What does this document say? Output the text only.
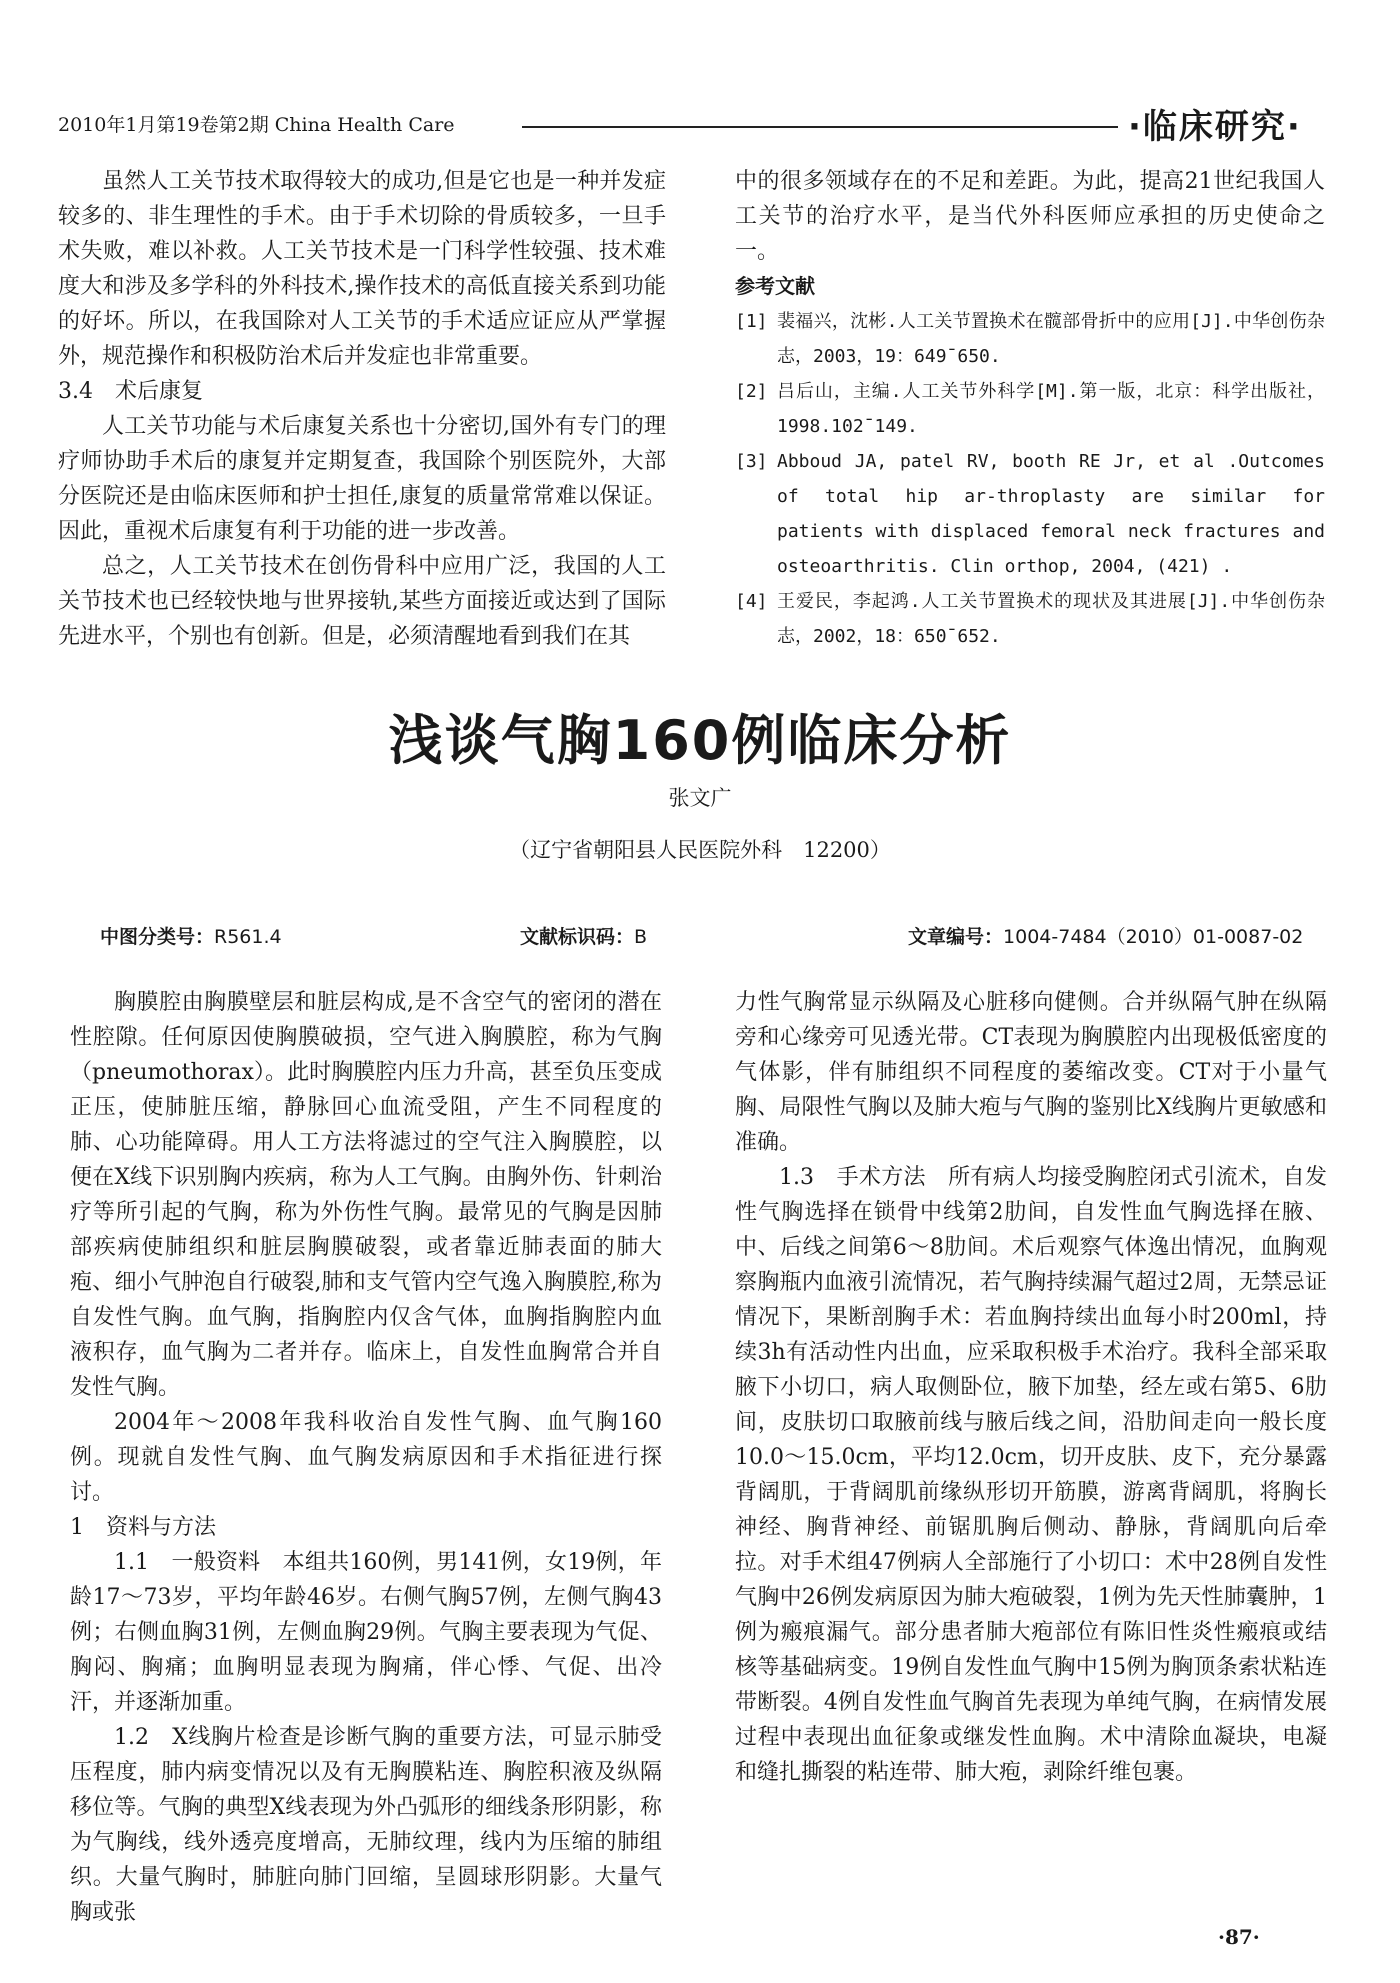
2010年1月第19卷第2期 China Health Care	·临床研究·

虽然人工关节技术取得较大的成功,但是它也是一种并发症较多的、非生理性的手术。由于手术切除的骨质较多，一旦手术失败，难以补救。人工关节技术是一门科学性较强、技术难度大和涉及多学科的外科技术,操作技术的高低直接关系到功能的好坏。所以，在我国除对人工关节的手术适应证应从严掌握外，规范操作和积极防治术后并发症也非常重要。

3.4　术后康复

人工关节功能与术后康复关系也十分密切,国外有专门的理疗师协助手术后的康复并定期复查，我国除个别医院外，大部分医院还是由临床医师和护士担任,康复的质量常常难以保证。因此，重视术后康复有利于功能的进一步改善。

总之，人工关节技术在创伤骨科中应用广泛，我国的人工关节技术也已经较快地与世界接轨,某些方面接近或达到了国际先进水平，个别也有创新。但是，必须清醒地看到我们在其

中的很多领域存在的不足和差距。为此，提高21世纪我国人工关节的治疗水平，是当代外科医师应承担的历史使命之一。

参考文献
[1] 裴福兴，沈彬.人工关节置换术在髋部骨折中的应用[J].中华创伤杂志，2003，19：649¯650.
[2] 吕后山，主编.人工关节外科学[M].第一版，北京：科学出版社，1998.102¯149.
[3] Abboud JA, patel RV, booth RE Jr, et al .Outcomes of total hip ar-throplasty are similar for patients with displaced femoral neck fractures and osteoarthritis. Clin orthop, 2004, (421) .
[4] 王爱民，李起鸿.人工关节置换术的现状及其进展[J].中华创伤杂志，2002，18：650¯652.
浅谈气胸160例临床分析
张文广
（辽宁省朝阳县人民医院外科　12200）
中图分类号：R561.4	文献标识码：B	文章编号：1004-7484（2010）01-0087-02

胸膜腔由胸膜壁层和脏层构成,是不含空气的密闭的潜在性腔隙。任何原因使胸膜破损，空气进入胸膜腔，称为气胸（pneumothorax）。此时胸膜腔内压力升高，甚至负压变成正压，使肺脏压缩，静脉回心血流受阻，产生不同程度的肺、心功能障碍。用人工方法将滤过的空气注入胸膜腔，以便在X线下识别胸内疾病，称为人工气胸。由胸外伤、针刺治疗等所引起的气胸，称为外伤性气胸。最常见的气胸是因肺部疾病使肺组织和脏层胸膜破裂，或者靠近肺表面的肺大疱、细小气肿泡自行破裂,肺和支气管内空气逸入胸膜腔,称为自发性气胸。血气胸，指胸腔内仅含气体，血胸指胸腔内血液积存，血气胸为二者并存。临床上，自发性血胸常合并自发性气胸。

2004年～2008年我科收治自发性气胸、血气胸160例。现就自发性气胸、血气胸发病原因和手术指征进行探讨。

1　资料与方法

1.1　一般资料　本组共160例，男141例，女19例，年龄17～73岁，平均年龄46岁。右侧气胸57例，左侧气胸43例；右侧血胸31例，左侧血胸29例。气胸主要表现为气促、胸闷、胸痛；血胸明显表现为胸痛，伴心悸、气促、出冷汗，并逐渐加重。

1.2　X线胸片检查是诊断气胸的重要方法，可显示肺受压程度，肺内病变情况以及有无胸膜粘连、胸腔积液及纵隔移位等。气胸的典型X线表现为外凸弧形的细线条形阴影，称为气胸线，线外透亮度增高，无肺纹理，线内为压缩的肺组织。大量气胸时，肺脏向肺门回缩，呈圆球形阴影。大量气胸或张

力性气胸常显示纵隔及心脏移向健侧。合并纵隔气肿在纵隔旁和心缘旁可见透光带。CT表现为胸膜腔内出现极低密度的气体影，伴有肺组织不同程度的萎缩改变。CT对于小量气胸、局限性气胸以及肺大疱与气胸的鉴别比X线胸片更敏感和准确。

1.3　手术方法　所有病人均接受胸腔闭式引流术，自发性气胸选择在锁骨中线第2肋间，自发性血气胸选择在腋、中、后线之间第6～8肋间。术后观察气体逸出情况，血胸观察胸瓶内血液引流情况，若气胸持续漏气超过2周，无禁忌证情况下，果断剖胸手术：若血胸持续出血每小时200ml，持续3h有活动性内出血，应采取积极手术治疗。我科全部采取腋下小切口，病人取侧卧位，腋下加垫，经左或右第5、6肋间，皮肤切口取腋前线与腋后线之间，沿肋间走向一般长度10.0～15.0cm，平均12.0cm，切开皮肤、皮下，充分暴露背阔肌，于背阔肌前缘纵形切开筋膜，游离背阔肌，将胸长神经、胸背神经、前锯肌胸后侧动、静脉，背阔肌向后牵拉。对手术组47例病人全部施行了小切口：术中28例自发性气胸中26例发病原因为肺大疱破裂，1例为先天性肺囊肿，1例为瘢痕漏气。部分患者肺大疱部位有陈旧性炎性瘢痕或结核等基础病变。19例自发性血气胸中15例为胸顶条索状粘连带断裂。4例自发性血气胸首先表现为单纯气胸，在病情发展过程中表现出血征象或继发性血胸。术中清除血凝块，电凝和缝扎撕裂的粘连带、肺大疱，剥除纤维包裹。

·87·
